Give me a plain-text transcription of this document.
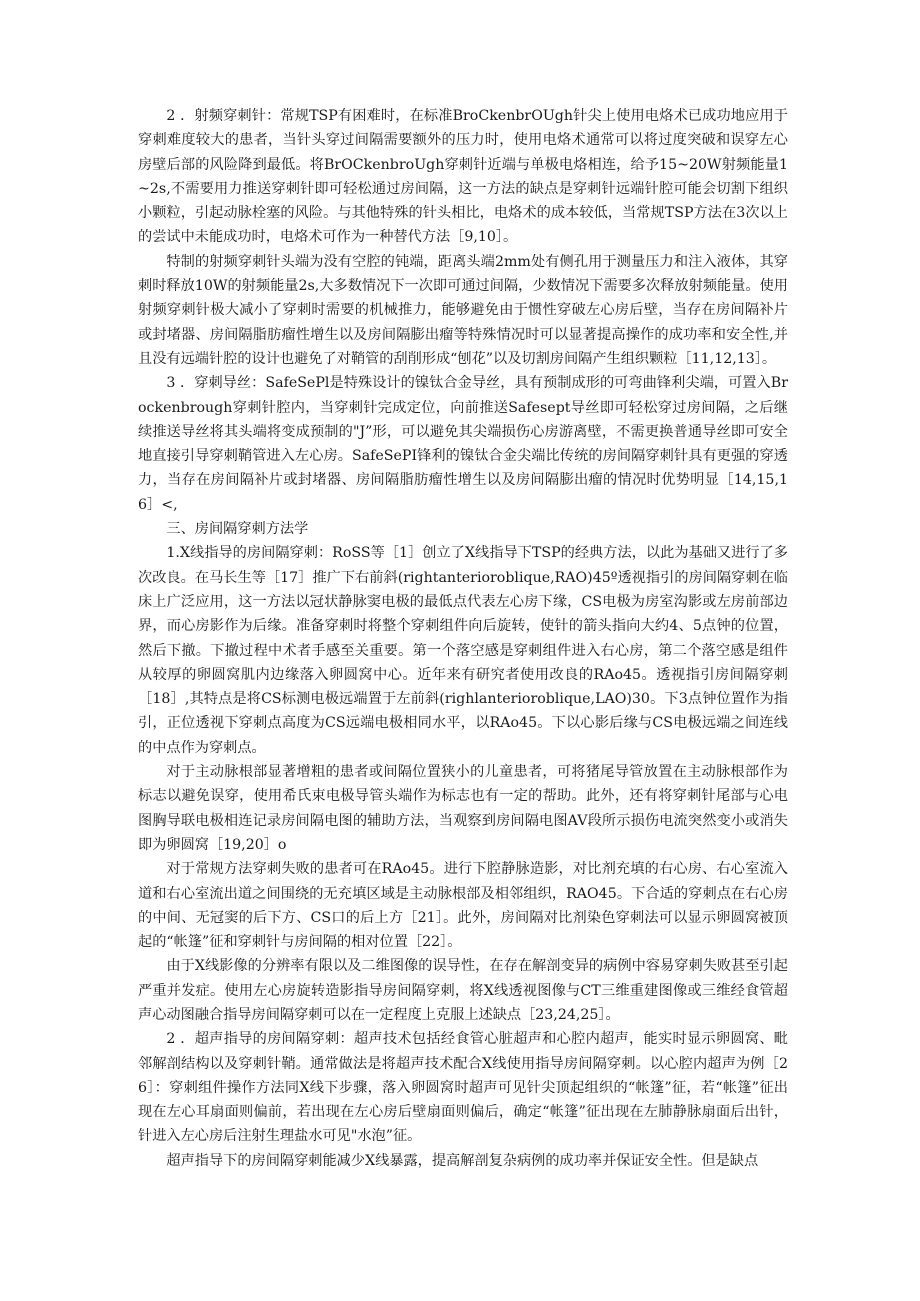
2 ．射频穿刺针：常规TSP有困难时，在标准BroCkenbrOUgh针尖上使用电烙术已成功地应用于穿刺难度较大的患者，当针头穿过间隔需要额外的压力时，使用电烙术通常可以将过度突破和误穿左心房壁后部的风险降到最低。将BrOCkenbroUgh穿刺针近端与单极电烙相连，给予15~20W射频能量1~2s,不需要用力推送穿刺针即可轻松通过房间隔，这一方法的缺点是穿刺针远端针腔可能会切割下组织小颗粒，引起动脉栓塞的风险。与其他特殊的针头相比，电烙术的成本较低，当常规TSP方法在3次以上的尝试中未能成功时，电烙术可作为一种替代方法［9,10］。

特制的射频穿刺针头端为没有空腔的钝端，距离头端2mm处有侧孔用于测量压力和注入液体，其穿刺时释放10W的射频能量2s,大多数情况下一次即可通过间隔，少数情况下需要多次释放射频能量。使用射频穿刺针极大减小了穿刺时需要的机械推力，能够避免由于惯性穿破左心房后壁，当存在房间隔补片或封堵器、房间隔脂肪瘤性增生以及房间隔膨出瘤等特殊情况时可以显著提高操作的成功率和安全性,并且没有远端针腔的设计也避免了对鞘管的刮削形成“刨花”以及切割房间隔产生组织颗粒［11,12,13］。

3 ．穿刺导丝：SafeSePl是特殊设计的镍钛合金导丝，具有预制成形的可弯曲锋利尖端，可置入Brockenbrough穿刺针腔内，当穿刺针完成定位，向前推送Safesept导丝即可轻松穿过房间隔，之后继续推送导丝将其头端将变成预制的"J”形，可以避免其尖端损伤心房游离壁，不需更换普通导丝即可安全地直接引导穿刺鞘管进入左心房。SafeSePI锋利的镍钛合金尖端比传统的房间隔穿刺针具有更强的穿透力，当存在房间隔补片或封堵器、房间隔脂肪瘤性增生以及房间隔膨出瘤的情况时优势明显［14,15,16］<,

三、房间隔穿刺方法学

1.X线指导的房间隔穿刺：RoSS等［1］创立了X线指导下TSP的经典方法，以此为基础又进行了多次改良。在马长生等［17］推广下右前斜(rightanterioroblique,RAO)45º透视指引的房间隔穿刺在临床上广泛应用，这一方法以冠状静脉窦电极的最低点代表左心房下缘，CS电极为房室沟影或左房前部边界，而心房影作为后缘。准备穿刺时将整个穿刺组件向后旋转，使针的箭头指向大约4、5点钟的位置，然后下撤。下撤过程中术者手感至关重要。第一个落空感是穿刺组件进入右心房，第二个落空感是组件从较厚的卵圆窝肌内边缘落入卵圆窝中心。近年来有研究者使用改良的RAo45。透视指引房间隔穿刺［18］,其特点是将CS标测电极远端置于左前斜(righlanterioroblique,LAO)30。下3点钟位置作为指引，正位透视下穿刺点高度为CS远端电极相同水平，以RAo45。下以心影后缘与CS电极远端之间连线的中点作为穿刺点。

对于主动脉根部显著增粗的患者或间隔位置狭小的儿童患者，可将猪尾导管放置在主动脉根部作为标志以避免误穿，使用希氏束电极导管头端作为标志也有一定的帮助。此外，还有将穿刺针尾部与心电图胸导联电极相连记录房间隔电图的辅助方法，当观察到房间隔电图AV段所示损伤电流突然变小或消失即为卵圆窝［19,20］o

对于常规方法穿刺失败的患者可在RAo45。进行下腔静脉造影，对比剂充填的右心房、右心室流入道和右心室流出道之间围绕的无充填区域是主动脉根部及相邻组织，RAO45。下合适的穿刺点在右心房的中间、无冠窦的后下方、CS口的后上方［21］。此外，房间隔对比剂染色穿刺法可以显示卵圆窝被顶起的“帐篷”征和穿刺针与房间隔的相对位置［22］。

由于X线影像的分辨率有限以及二维图像的误导性，在存在解剖变异的病例中容易穿刺失败甚至引起严重并发症。使用左心房旋转造影指导房间隔穿刺，将X线透视图像与CT三维重建图像或三维经食管超声心动图融合指导房间隔穿刺可以在一定程度上克服上述缺点［23,24,25］。

2 ．超声指导的房间隔穿刺：超声技术包括经食管心脏超声和心腔内超声，能实时显示卵圆窝、毗邻解剖结构以及穿刺针鞘。通常做法是将超声技术配合X线使用指导房间隔穿刺。以心腔内超声为例［26］：穿刺组件操作方法同X线下步骤，落入卵圆窝时超声可见针尖顶起组织的“帐篷”征，若“帐篷”征出现在左心耳扇面则偏前，若出现在左心房后壁扇面则偏后，确定“帐篷”征出现在左肺静脉扇面后出针，针进入左心房后注射生理盐水可见"水泡”征。

超声指导下的房间隔穿刺能减少X线暴露，提高解剖复杂病例的成功率并保证安全性。但是缺点
